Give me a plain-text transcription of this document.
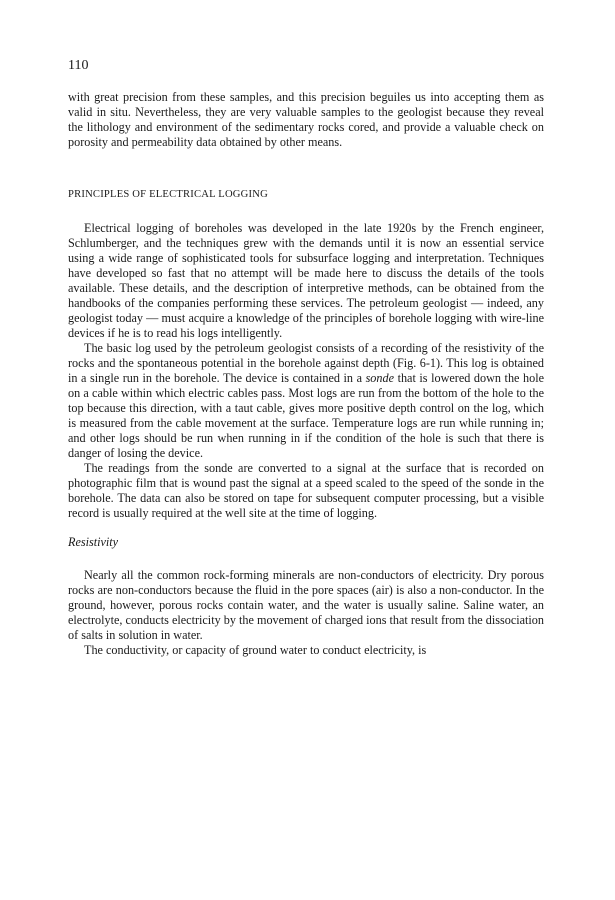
110

with great precision from these samples, and this precision beguiles us into accepting them as valid in situ. Nevertheless, they are very valuable samples to the geologist because they reveal the lithology and environment of the sedimentary rocks cored, and provide a valuable check on porosity and permeability data obtained by other means.

PRINCIPLES OF ELECTRICAL LOGGING

Electrical logging of boreholes was developed in the late 1920s by the French engineer, Schlumberger, and the techniques grew with the demands until it is now an essential service using a wide range of sophisticated tools for subsurface logging and interpretation. Techniques have developed so fast that no attempt will be made here to discuss the details of the tools available. These details, and the description of interpretive methods, can be obtained from the handbooks of the companies performing these services. The petroleum geologist — indeed, any geologist today — must acquire a knowledge of the principles of borehole logging with wire-line devices if he is to read his logs intelligently.

The basic log used by the petroleum geologist consists of a recording of the resistivity of the rocks and the spontaneous potential in the borehole against depth (Fig. 6-1). This log is obtained in a single run in the borehole. The device is contained in a sonde that is lowered down the hole on a cable within which electric cables pass. Most logs are run from the bottom of the hole to the top because this direction, with a taut cable, gives more positive depth control on the log, which is measured from the cable movement at the surface. Temperature logs are run while running in; and other logs should be run when running in if the condition of the hole is such that there is danger of losing the device.

The readings from the sonde are converted to a signal at the surface that is recorded on photographic film that is wound past the signal at a speed scaled to the speed of the sonde in the borehole. The data can also be stored on tape for subsequent computer processing, but a visible record is usually required at the well site at the time of logging.

Resistivity

Nearly all the common rock-forming minerals are non-conductors of electricity. Dry porous rocks are non-conductors because the fluid in the pore spaces (air) is also a non-conductor. In the ground, however, porous rocks contain water, and the water is usually saline. Saline water, an electrolyte, conducts electricity by the movement of charged ions that result from the dissociation of salts in solution in water.

The conductivity, or capacity of ground water to conduct electricity, is
